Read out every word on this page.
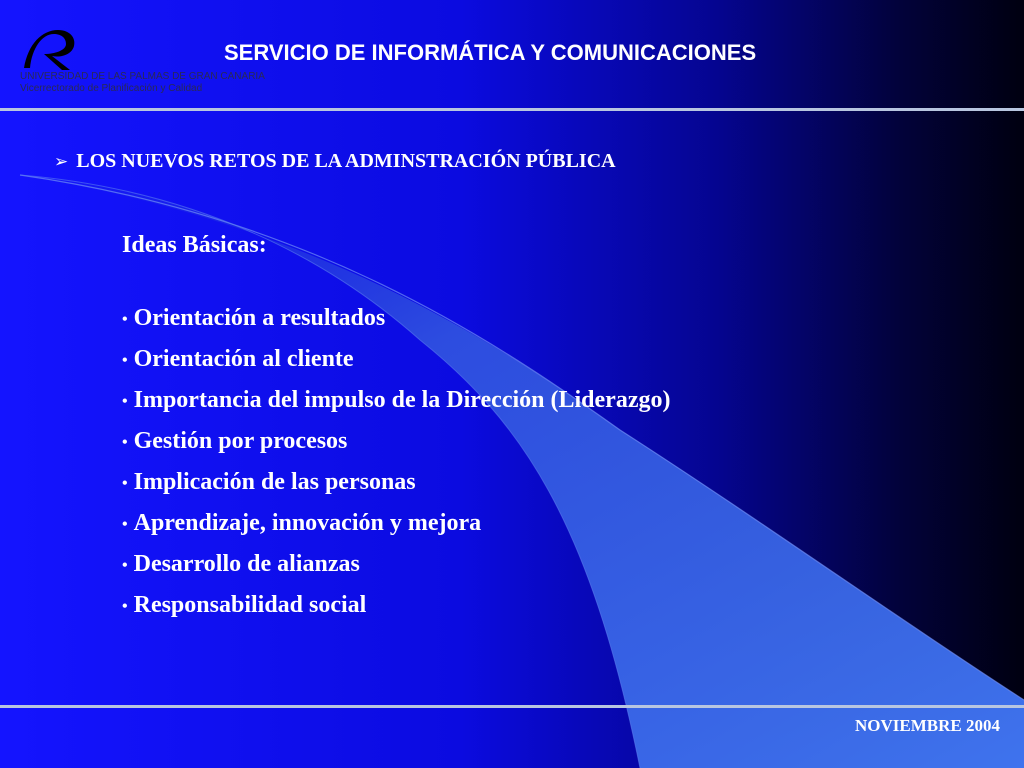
UNIVERSIDAD DE LAS PALMAS DE GRAN CANARIA
Vicerrectorado de Planificación y Calidad
SERVICIO DE INFORMÁTICA Y COMUNICACIONES
➢ LOS NUEVOS RETOS DE LA ADMINSTRACIÓN PÚBLICA
Ideas Básicas:
• Orientación a resultados
• Orientación al cliente
• Importancia del impulso de la Dirección (Liderazgo)
• Gestión por procesos
• Implicación de las personas
• Aprendizaje, innovación y mejora
• Desarrollo de alianzas
• Responsabilidad social
NOVIEMBRE 2004
